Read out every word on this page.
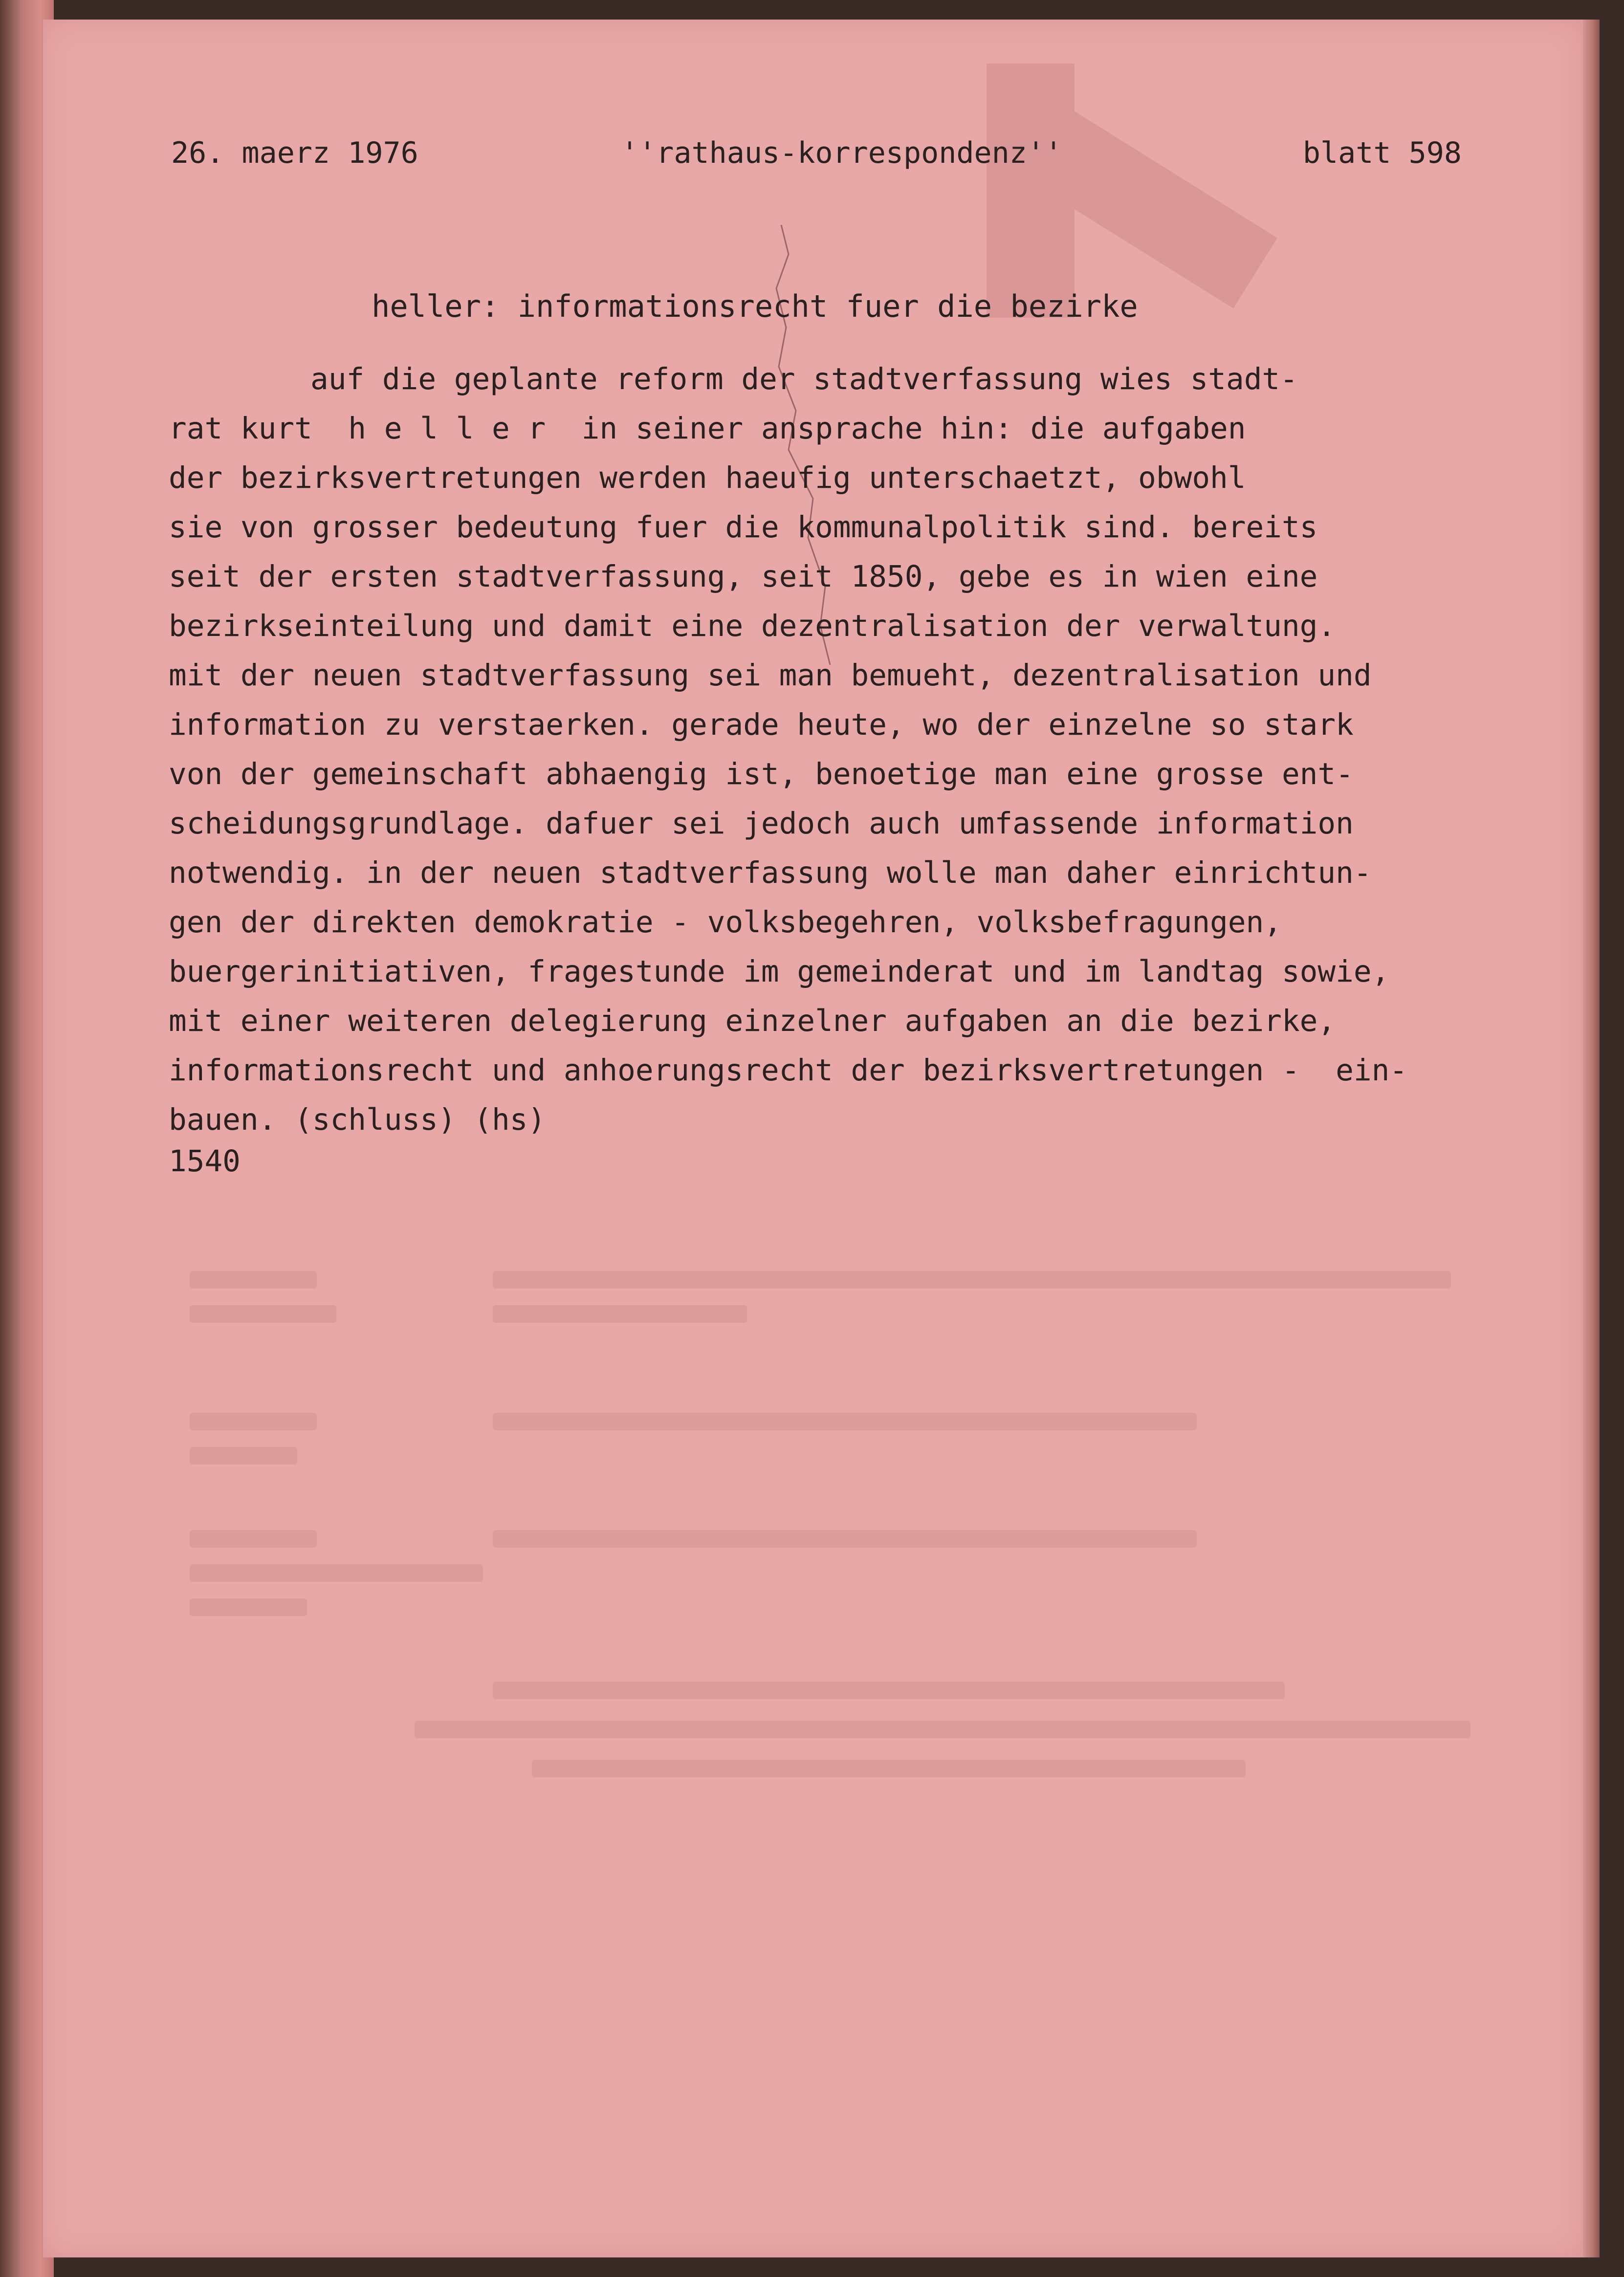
26. maerz 1976	''rathaus-korrespondenz''	blatt 598
heller: informationsrecht fuer die bezirke
auf die geplante reform der stadtverfassung wies stadt-
rat kurt  h e l l e r  in seiner ansprache hin: die aufgaben
der bezirksvertretungen werden haeufig unterschaetzt, obwohl
sie von grosser bedeutung fuer die kommunalpolitik sind. bereits
seit der ersten stadtverfassung, seit 1850, gebe es in wien eine
bezirkseinteilung und damit eine dezentralisation der verwaltung.
mit der neuen stadtverfassung sei man bemueht, dezentralisation und
information zu verstaerken. gerade heute, wo der einzelne so stark
von der gemeinschaft abhaengig ist, benoetige man eine grosse ent-
scheidungsgrundlage. dafuer sei jedoch auch umfassende information
notwendig. in der neuen stadtverfassung wolle man daher einrichtun-
gen der direkten demokratie - volksbegehren, volksbefragungen,
buergerinitiativen, fragestunde im gemeinderat und im landtag sowie,
mit einer weiteren delegierung einzelner aufgaben an die bezirke,
informationsrecht und anhoerungsrecht der bezirksvertretungen -  ein-
bauen. (schluss) (hs)
1540
